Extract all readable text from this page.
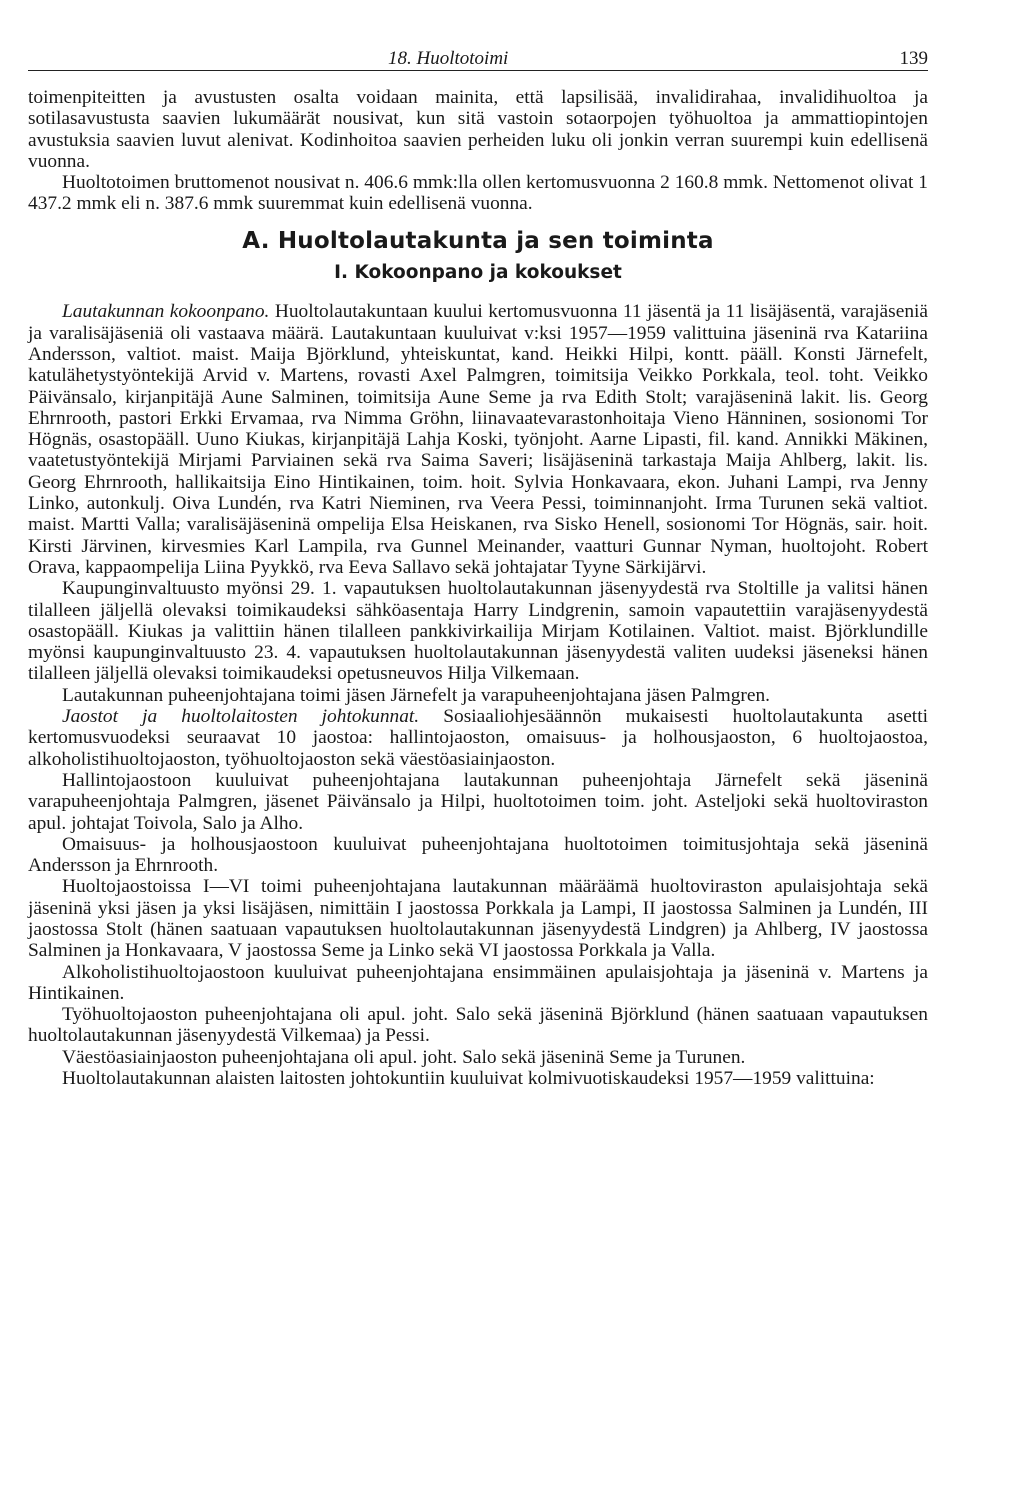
18. Huoltotoimi	139

toimenpiteitten ja avustusten osalta voidaan mainita, että lapsilisää, invalidirahaa, invalidihuoltoa ja sotilasavustusta saavien lukumäärät nousivat, kun sitä vastoin sotaorpojen työhuoltoa ja ammattiopintojen avustuksia saavien luvut alenivat. Kodinhoitoa saavien perheiden luku oli jonkin verran suurempi kuin edellisenä vuonna.

Huoltotoimen bruttomenot nousivat n. 406.6 mmk:lla ollen kertomusvuonna 2 160.8 mmk. Nettomenot olivat 1 437.2 mmk eli n. 387.6 mmk suuremmat kuin edellisenä vuonna.

A. Huoltolautakunta ja sen toiminta
I. Kokoonpano ja kokoukset

Lautakunnan kokoonpano. Huoltolautakuntaan kuului kertomusvuonna 11 jäsentä ja 11 lisäjäsentä, varajäseniä ja varalisäjäseniä oli vastaava määrä. Lautakuntaan kuuluivat v:ksi 1957—1959 valittuina jäseninä rva Katariina Andersson, valtiot. maist. Maija Björklund, yhteiskuntat, kand. Heikki Hilpi, kontt. pääll. Konsti Järnefelt, katulähetystyöntekijä Arvid v. Martens, rovasti Axel Palmgren, toimitsija Veikko Porkkala, teol. toht. Veikko Päivänsalo, kirjanpitäjä Aune Salminen, toimitsija Aune Seme ja rva Edith Stolt; varajäseninä lakit. lis. Georg Ehrnrooth, pastori Erkki Ervamaa, rva Nimma Gröhn, liinavaatevarastonhoitaja Vieno Hänninen, sosionomi Tor Högnäs, osastopääll. Uuno Kiukas, kirjanpitäjä Lahja Koski, työnjoht. Aarne Lipasti, fil. kand. Annikki Mäkinen, vaatetustyöntekijä Mirjami Parviainen sekä rva Saima Saveri; lisäjäseninä tarkastaja Maija Ahlberg, lakit. lis. Georg Ehrnrooth, hallikaitsija Eino Hintikainen, toim. hoit. Sylvia Honkavaara, ekon. Juhani Lampi, rva Jenny Linko, autonkulj. Oiva Lundén, rva Katri Nieminen, rva Veera Pessi, toiminnanjoht. Irma Turunen sekä valtiot. maist. Martti Valla; varalisäjäseninä ompelija Elsa Heiskanen, rva Sisko Henell, sosionomi Tor Högnäs, sair. hoit. Kirsti Järvinen, kirvesmies Karl Lampila, rva Gunnel Meinander, vaatturi Gunnar Nyman, huoltojoht. Robert Orava, kappaompelija Liina Pyykkö, rva Eeva Sallavo sekä johtajatar Tyyne Särkijärvi.

Kaupunginvaltuusto myönsi 29. 1. vapautuksen huoltolautakunnan jäsenyydestä rva Stoltille ja valitsi hänen tilalleen jäljellä olevaksi toimikaudeksi sähköasentaja Harry Lindgrenin, samoin vapautettiin varajäsenyydestä osastopääll. Kiukas ja valittiin hänen tilalleen pankkivirkailija Mirjam Kotilainen. Valtiot. maist. Björklundille myönsi kaupunginvaltuusto 23. 4. vapautuksen huoltolautakunnan jäsenyydestä valiten uudeksi jäseneksi hänen tilalleen jäljellä olevaksi toimikaudeksi opetusneuvos Hilja Vilkemaan.

Lautakunnan puheenjohtajana toimi jäsen Järnefelt ja varapuheenjohtajana jäsen Palmgren.

Jaostot ja huoltolaitosten johtokunnat. Sosiaaliohjesäännön mukaisesti huoltolautakunta asetti kertomusvuodeksi seuraavat 10 jaostoa: hallintojaoston, omaisuus- ja holhousjaoston, 6 huoltojaostoa, alkoholistihuoltojaoston, työhuoltojaoston sekä väestöasiainjaoston.

Hallintojaostoon kuuluivat puheenjohtajana lautakunnan puheenjohtaja Järnefelt sekä jäseninä varapuheenjohtaja Palmgren, jäsenet Päivänsalo ja Hilpi, huoltotoimen toim. joht. Asteljoki sekä huoltoviraston apul. johtajat Toivola, Salo ja Alho.

Omaisuus- ja holhousjaostoon kuuluivat puheenjohtajana huoltotoimen toimitusjohtaja sekä jäseninä Andersson ja Ehrnrooth.

Huoltojaostoissa I—VI toimi puheenjohtajana lautakunnan määräämä huoltoviraston apulaisjohtaja sekä jäseninä yksi jäsen ja yksi lisäjäsen, nimittäin I jaostossa Porkkala ja Lampi, II jaostossa Salminen ja Lundén, III jaostossa Stolt (hänen saatuaan vapautuksen huoltolautakunnan jäsenyydestä Lindgren) ja Ahlberg, IV jaostossa Salminen ja Honkavaara, V jaostossa Seme ja Linko sekä VI jaostossa Porkkala ja Valla.

Alkoholistihuoltojaostoon kuuluivat puheenjohtajana ensimmäinen apulaisjohtaja ja jäseninä v. Martens ja Hintikainen.

Työhuoltojaoston puheenjohtajana oli apul. joht. Salo sekä jäseninä Björklund (hänen saatuaan vapautuksen huoltolautakunnan jäsenyydestä Vilkemaa) ja Pessi.

Väestöasiainjaoston puheenjohtajana oli apul. joht. Salo sekä jäseninä Seme ja Turunen.

Huoltolautakunnan alaisten laitosten johtokuntiin kuuluivat kolmivuotiskaudeksi 1957—1959 valittuina:
